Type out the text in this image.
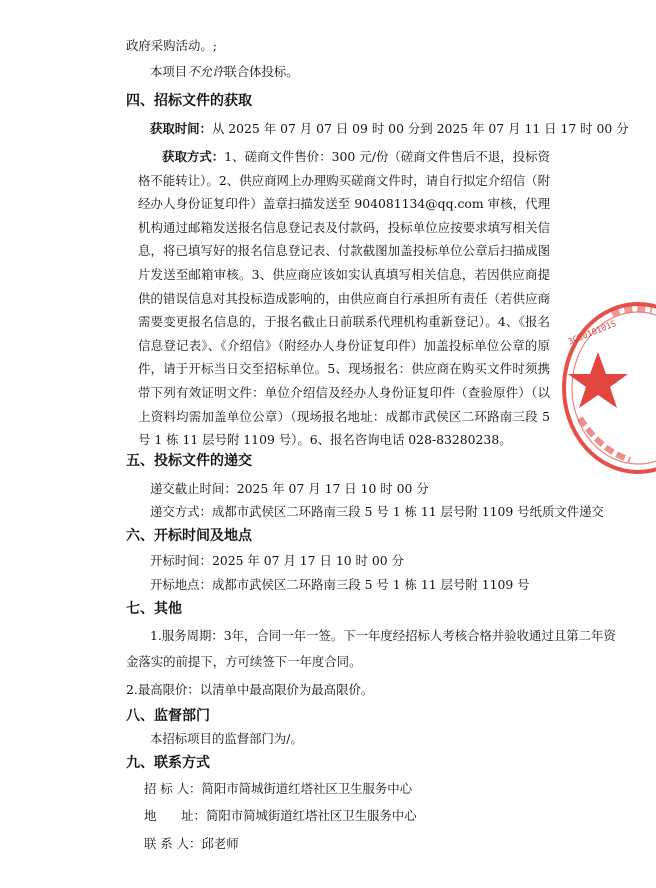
政府采购活动。;
本项目不允许联合体投标。
四、招标文件的获取
获取时间：从 2025 年 07 月 07 日 09 时 00 分到 2025 年 07 月 11 日 17 时 00 分
获取方式：1、磋商文件售价：300 元/份（磋商文件售后不退，投标资格不能转让）。2、供应商网上办理购买磋商文件时，请自行拟定介绍信（附经办人身份证复印件）盖章扫描发送至 904081134@qq.com 审核，代理机构通过邮箱发送报名信息登记表及付款码，投标单位应按要求填写相关信息，将已填写好的报名信息登记表、付款截图加盖投标单位公章后扫描成图片发送至邮箱审核。3、供应商应该如实认真填写相关信息，若因供应商提供的错误信息对其投标造成影响的，由供应商自行承担所有责任（若供应商需要变更报名信息的，于报名截止日前联系代理机构重新登记）。4、《报名信息登记表》、《介绍信》（附经办人身份证复印件）加盖投标单位公章的原件，请于开标当日交至招标单位。5、现场报名：供应商在购买文件时须携带下列有效证明文件：单位介绍信及经办人身份证复印件（查验原件）（以上资料均需加盖单位公章）（现场报名地址：成都市武侯区二环路南三段 5 号 1 栋 11 层号附 1109 号）。6、报名咨询电话 028-83280238。
五、投标文件的递交
递交截止时间：2025 年 07 月 17 日 10 时 00 分
递交方式：成都市武侯区二环路南三段 5 号 1 栋 11 层号附 1109 号纸质文件递交
六、开标时间及地点
开标时间：2025 年 07 月 17 日 10 时 00 分
开标地点：成都市武侯区二环路南三段 5 号 1 栋 11 层号附 1109 号
七、其他
1.服务周期：3年，合同一年一签。下一年度经招标人考核合格并验收通过且第二年资
金落实的前提下，方可续签下一年度合同。
2.最高限价：以清单中最高限价为最高限价。
八、监督部门
本招标项目的监督部门为/。
九、联系方式
招 标 人：简阳市简城街道红塔社区卫生服务中心
地　　址：简阳市简城街道红塔社区卫生服务中心
联 系 人：邱老师
3CS010101S
